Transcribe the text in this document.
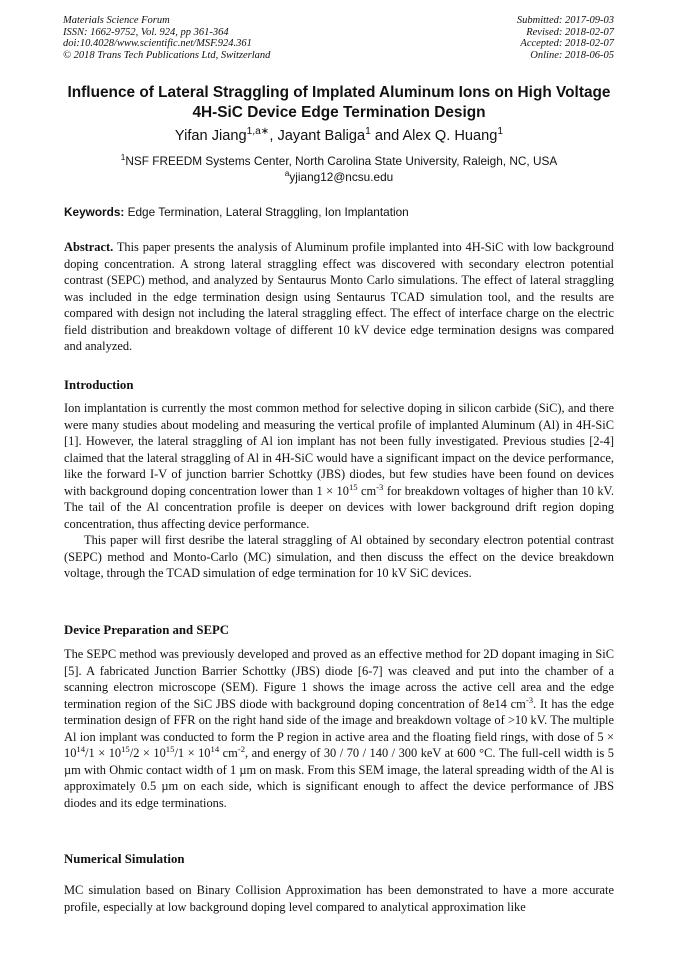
Materials Science Forum
ISSN: 1662-9752, Vol. 924, pp 361-364
doi:10.4028/www.scientific.net/MSF.924.361
© 2018 Trans Tech Publications Ltd, Switzerland
Submitted: 2017-09-03
Revised: 2018-02-07
Accepted: 2018-02-07
Online: 2018-06-05
Influence of Lateral Straggling of Implated Aluminum Ions on High Voltage 4H-SiC Device Edge Termination Design
Yifan Jiang$^{1,a∗}$, Jayant Baliga$^1$ and Alex Q. Huang$^1$
$^1$NSF FREEDM Systems Center, North Carolina State University, Raleigh, NC, USA
$^a$yjiang12@ncsu.edu
Keywords: Edge Termination, Lateral Straggling, Ion Implantation

Abstract. This paper presents the analysis of Aluminum profile implanted into 4H-SiC with low background doping concentration. A strong lateral straggling effect was discovered with secondary electron potential contrast (SEPC) method, and analyzed by Sentaurus Monto Carlo simulations. The effect of lateral straggling was included in the edge termination design using Sentaurus TCAD simulation tool, and the results are compared with design not including the lateral straggling effect. The effect of interface charge on the electric field distribution and breakdown voltage of different 10 kV device edge termination designs was compared and analyzed.

Introduction

Ion implantation is currently the most common method for selective doping in silicon carbide (SiC), and there were many studies about modeling and measuring the vertical profile of implanted Aluminum (Al) in 4H-SiC [1]. However, the lateral straggling of Al ion implant has not been fully investigated. Previous studies [2-4] claimed that the lateral straggling of Al in 4H-SiC would have a significant impact on the device performance, like the forward I-V of junction barrier Schottky (JBS) diodes, but few studies have been found on devices with background doping concentration lower than $1 \times 10^{15}$ $cm^{-3}$ for breakdown voltages of higher than 10 kV. The tail of the Al concentration profile is deeper on devices with lower background drift region doping concentration, thus affecting device performance.

This paper will first desribe the lateral straggling of Al obtained by secondary electron potential contrast (SEPC) method and Monto-Carlo (MC) simulation, and then discuss the effect on the device breakdown voltage, through the TCAD simulation of edge termination for 10 kV SiC devices.

Device Preparation and SEPC

The SEPC method was previously developed and proved as an effective method for 2D dopant imaging in SiC [5]. A fabricated Junction Barrier Schottky (JBS) diode [6-7] was cleaved and put into the chamber of a scanning electron microscope (SEM). Figure 1 shows the image across the active cell area and the edge termination region of the SiC JBS diode with background doping concentration of 8e14 $cm^{-3}$. It has the edge termination design of FFR on the right hand side of the image and breakdown voltage of >10 kV. The multiple Al ion implant was conducted to form the P region in active area and the floating field rings, with dose of $5 \times 10^{14}/1 \times 10^{15}/2 \times 10^{15}/1 \times 10^{14}$ $cm^{-2}$, and energy of 30 / 70 / 140 / 300 keV at 600 °C. The full-cell width is 5 µm with Ohmic contact width of 1 µm on mask. From this SEM image, the lateral spreading width of the Al is approximately 0.5 µm on each side, which is significant enough to affect the device performance of JBS diodes and its edge terminations.

Numerical Simulation

MC simulation based on Binary Collision Approximation has been demonstrated to have a more accurate profile, especially at low background doping level compared to analytical approximation like
